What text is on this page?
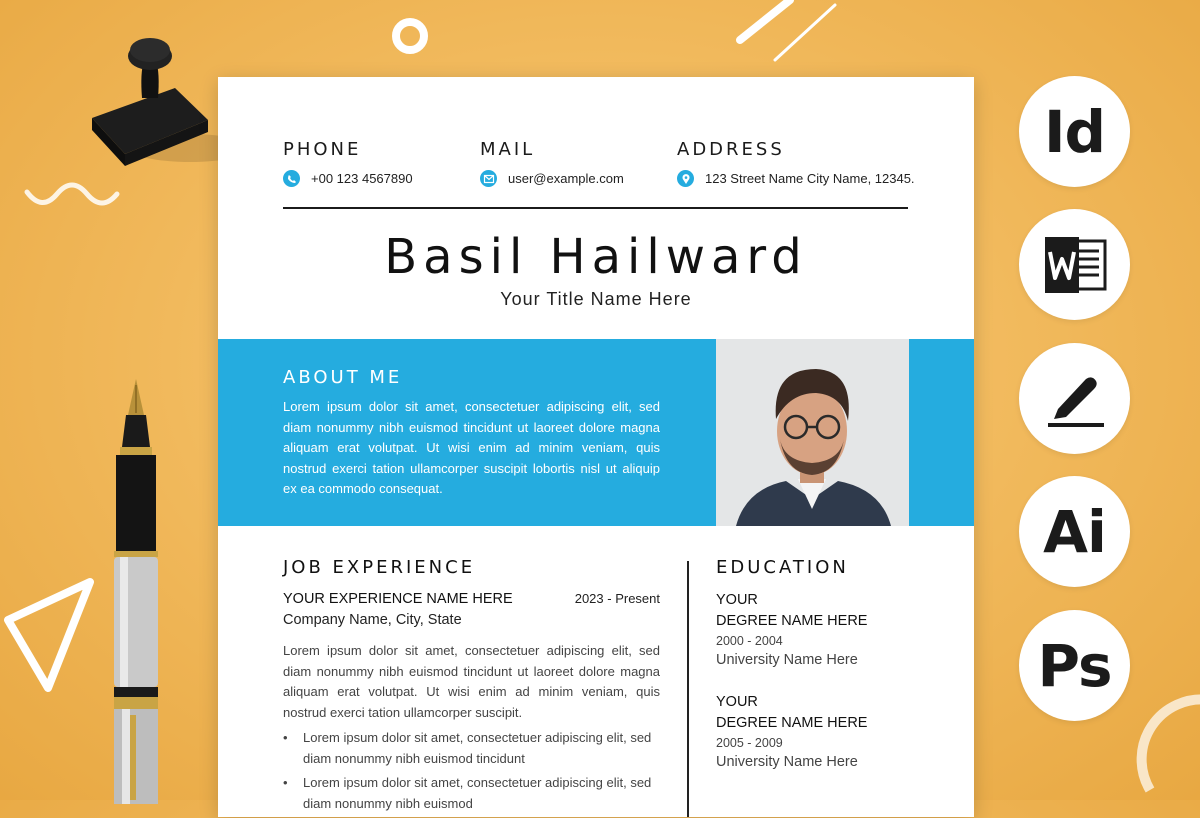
PHONE
+00 123 4567890
MAIL
user@example.com
ADDRESS
123 Street Name City Name, 12345.
Basil Hailward
Your Title Name Here
ABOUT ME
Lorem ipsum dolor sit amet, consectetuer adipiscing elit, sed diam nonummy nibh euismod tincidunt ut laoreet dolore magna aliquam erat volutpat. Ut wisi enim ad minim veniam, quis nostrud exerci tation ullamcorper suscipit lobortis nisl ut aliquip ex ea commodo consequat.
JOB EXPERIENCE	EDUCATION
YOUR EXPERIENCE NAME HERE	2023 - Present
Company Name, City, State
Lorem ipsum dolor sit amet, consectetuer adipiscing elit, sed diam nonummy nibh euismod tincidunt ut laoreet dolore magna aliquam erat volutpat. Ut wisi enim ad minim veniam, quis nostrud exerci tation ullamcorper suscipit.
• Lorem ipsum dolor sit amet, consectetuer adipiscing elit, sed diam nonummy nibh euismod tincidunt
• Lorem ipsum dolor sit amet, consectetuer adipiscing elit, sed diam nonummy nibh euismod
YOUR
DEGREE NAME HERE
2000 - 2004
University Name Here
YOUR
DEGREE NAME HERE
2005 - 2009
University Name Here
Id
Ai
Ps
